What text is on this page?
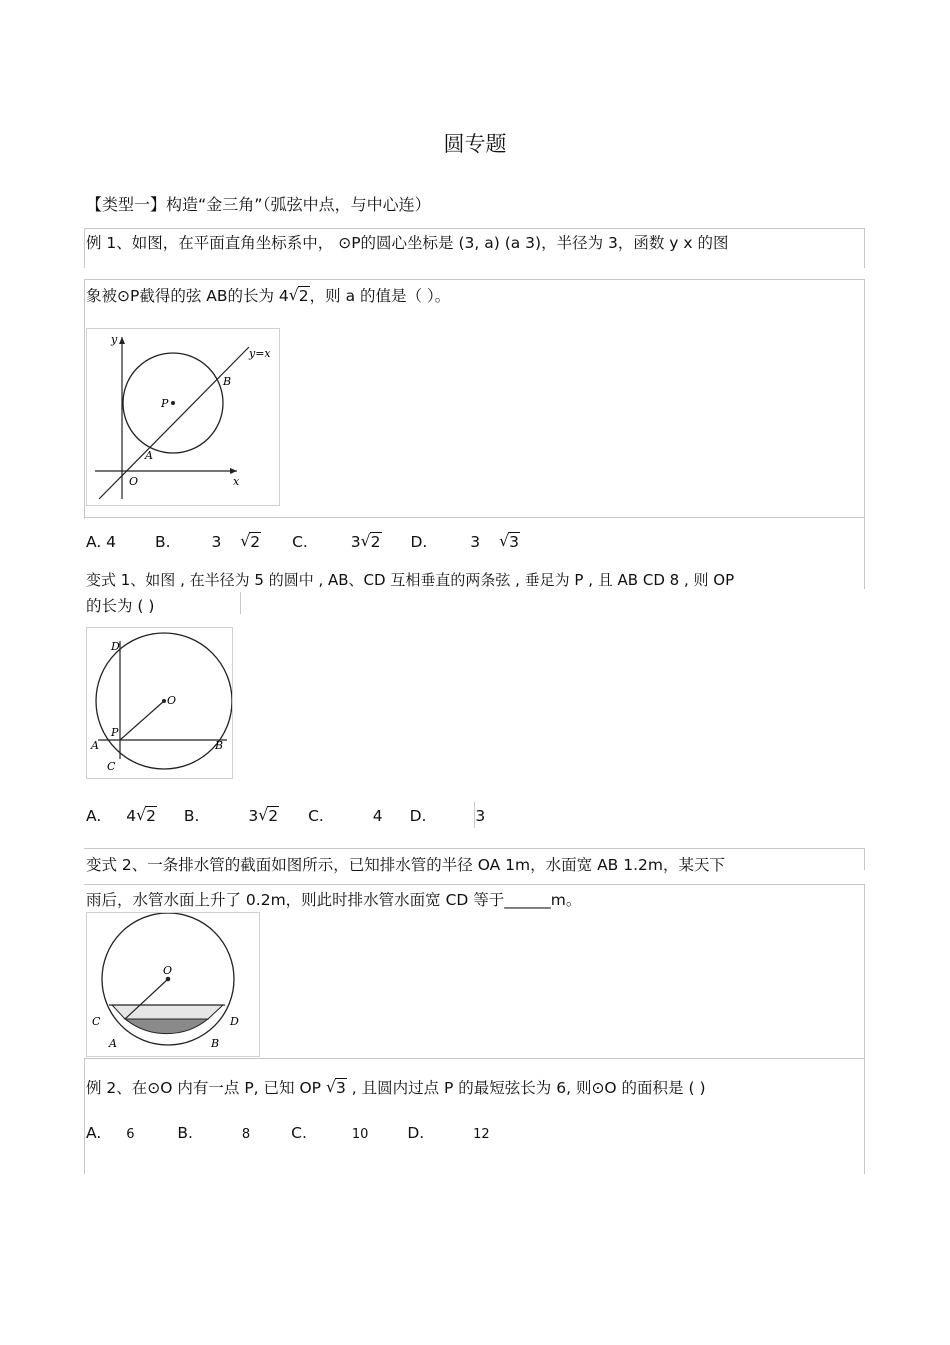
圆专题
【类型一】构造“金三角”（弧弦中点，与中心连）
例 1、如图，在平面直角坐标系中， ⊙P的圆心坐标是 (3, a) (a 3)，半径为 3，函数 y x 的图
象被⊙P截得的弦 AB的长为 4 √ 2，则 a 的值是（ ）。
y
y=x
B
P
A
O	x
A. 4	B.	3 √ 2 C.	3 √ 2 D.	3 √ 3
变式 1、如图 , 在半径为 5 的圆中 , AB、CD 互相垂直的两条弦 , 垂足为 P , 且 AB CD 8 , 则 OP
的长为 ( )
D
O
P
A	B
C
A. 4 √ 2 B.	3 √ 2 C.	4 D.	3
变式 2、一条排水管的截面如图所示，已知排水管的半径 OA 1m，水面宽 AB 1.2m，某天下
雨后，水管水面上升了 0.2m，则此时排水管水面宽 CD 等于______m。
O
C	D
A	B
例 2、在⊙O 内有一点 P, 已知 OP √ 3 , 且圆内过点 P 的最短弦长为 6, 则⊙O 的面积是 ( )
A. 6	B.	8	C.	10	D.	12
